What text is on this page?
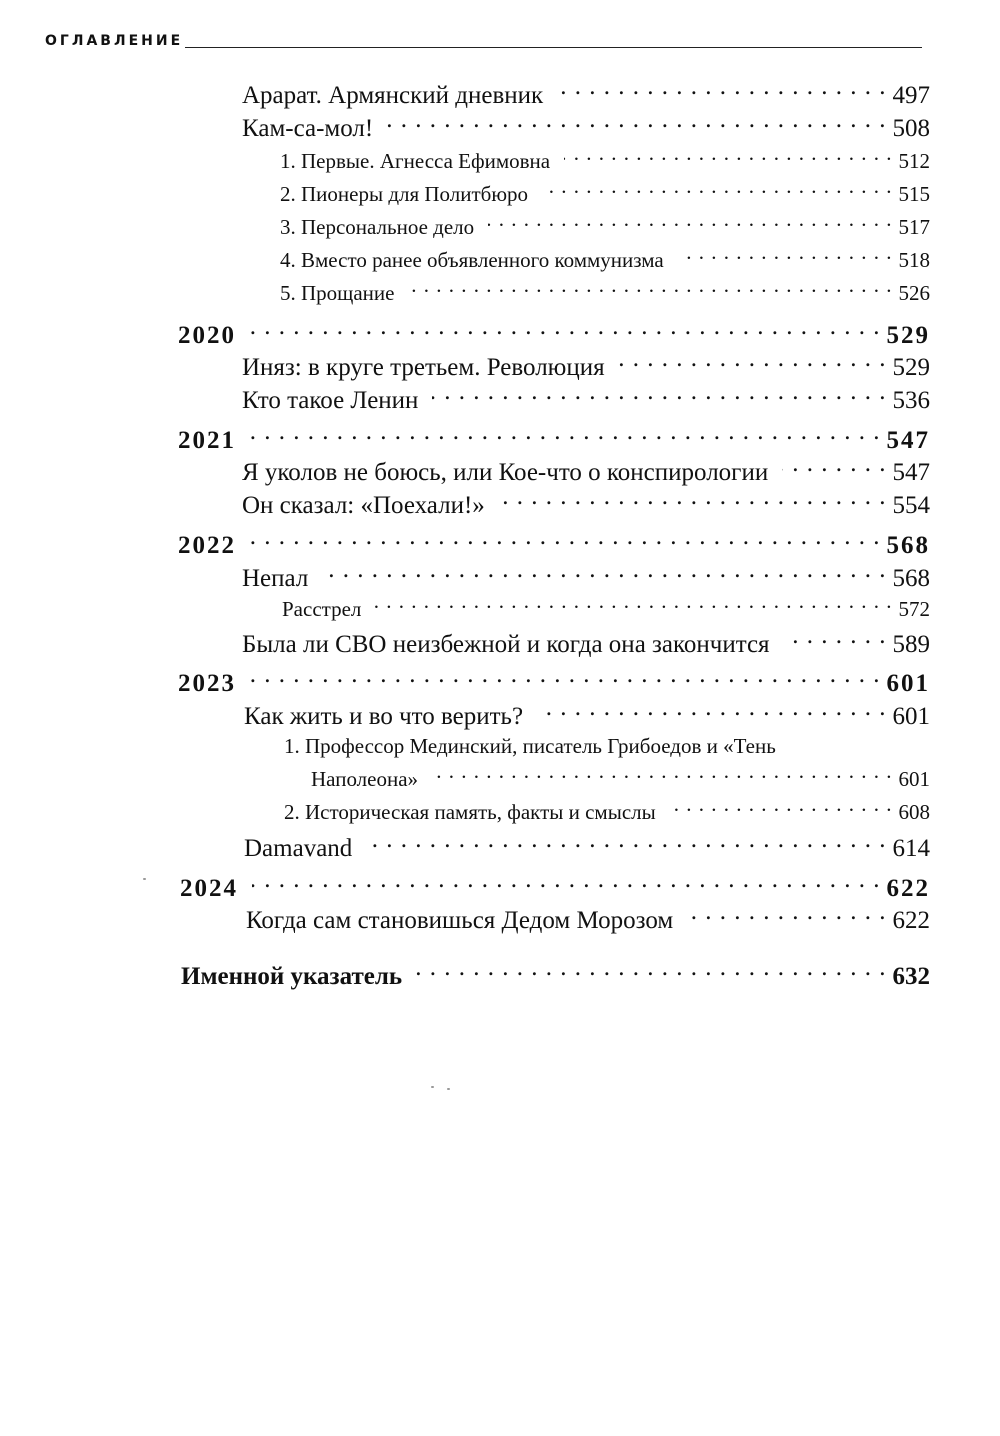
ОГЛАВЛЕНИЕ
Арарат. Армянский дневник . . .	497
Кам-са-мол! . . .	508
1. Первые. Агнесса Ефимовна . . .	512
2. Пионеры для Политбюро . . .	515
3. Персональное дело . . .	517
4. Вместо ранее объявленного коммунизма . . .	518
5. Прощание . . .	526
2020 . . .	529
Иняз: в круге третьем. Революция . . .	529
Кто такое Ленин . . .	536
2021 . . .	547
Я уколов не боюсь, или Кое-что о конспирологии . . .	547
Он сказал: «Поехали!» . . .	554
2022 . . .	568
Непал . . .	568
Расстрел . . .	572
Была ли СВО неизбежной и когда она закончится . . .	589
2023 . . .	601
Как жить и во что верить? . . .	601
1. Профессор Мединский, писатель Грибоедов и «Тень
Наполеона» . . .	601
2. Историческая память, факты и смыслы . . .	608
Damavand . . .	614
2024 . . .	622
Когда сам становишься Дедом Морозом . . .	622
Именной указатель . . .	632
